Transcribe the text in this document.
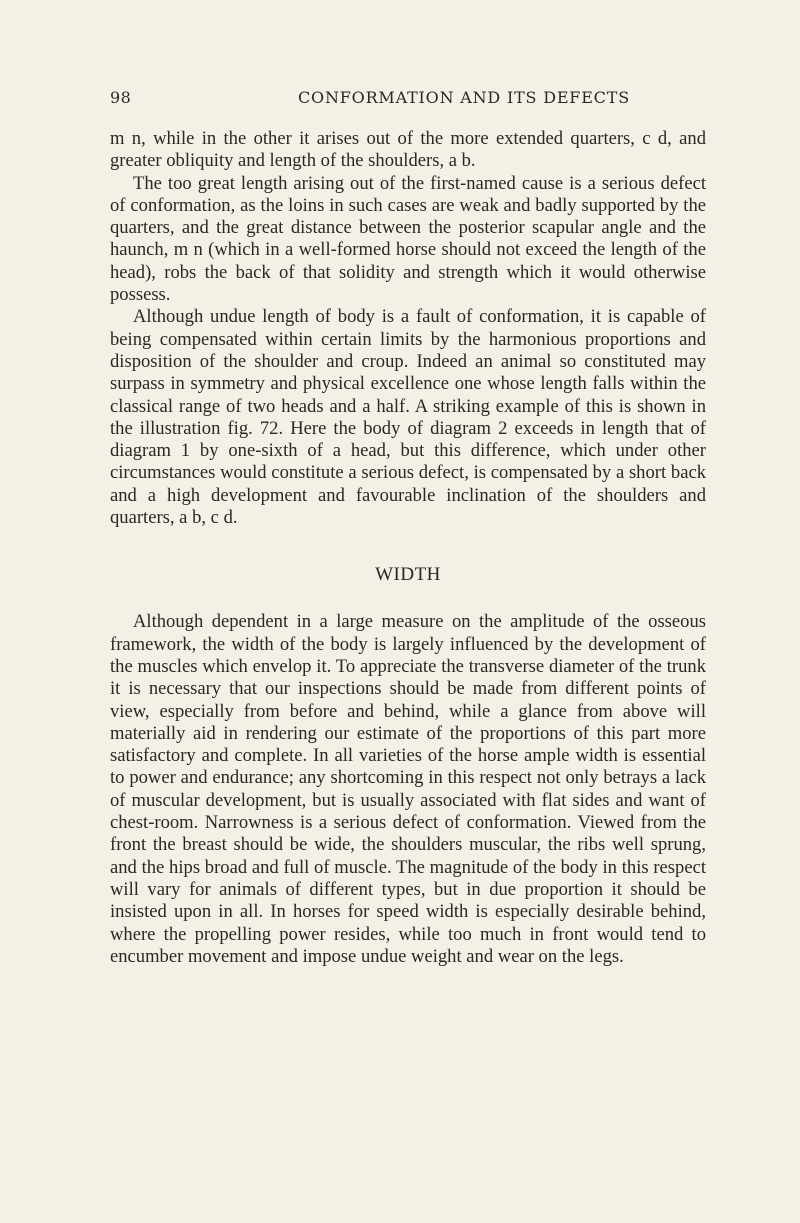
98	CONFORMATION AND ITS DEFECTS

m n, while in the other it arises out of the more extended quarters, c d, and greater obliquity and length of the shoulders, a b.

The too great length arising out of the first-named cause is a serious defect of conformation, as the loins in such cases are weak and badly supported by the quarters, and the great distance between the posterior scapular angle and the haunch, m n (which in a well-formed horse should not exceed the length of the head), robs the back of that solidity and strength which it would otherwise possess.

Although undue length of body is a fault of conformation, it is capable of being compensated within certain limits by the harmonious proportions and disposition of the shoulder and croup. Indeed an animal so constituted may surpass in symmetry and physical excellence one whose length falls within the classical range of two heads and a half. A striking example of this is shown in the illustration fig. 72. Here the body of diagram 2 exceeds in length that of diagram 1 by one-sixth of a head, but this difference, which under other circumstances would constitute a serious defect, is compensated by a short back and a high development and favourable inclination of the shoulders and quarters, a b, c d.

WIDTH

Although dependent in a large measure on the amplitude of the osseous framework, the width of the body is largely influenced by the development of the muscles which envelop it. To appreciate the transverse diameter of the trunk it is necessary that our inspections should be made from different points of view, especially from before and behind, while a glance from above will materially aid in rendering our estimate of the proportions of this part more satisfactory and complete. In all varieties of the horse ample width is essential to power and endurance; any shortcoming in this respect not only betrays a lack of muscular development, but is usually associated with flat sides and want of chest-room. Narrowness is a serious defect of conformation. Viewed from the front the breast should be wide, the shoulders muscular, the ribs well sprung, and the hips broad and full of muscle. The magnitude of the body in this respect will vary for animals of different types, but in due proportion it should be insisted upon in all. In horses for speed width is especially desirable behind, where the propelling power resides, while too much in front would tend to encumber movement and impose undue weight and wear on the legs.
